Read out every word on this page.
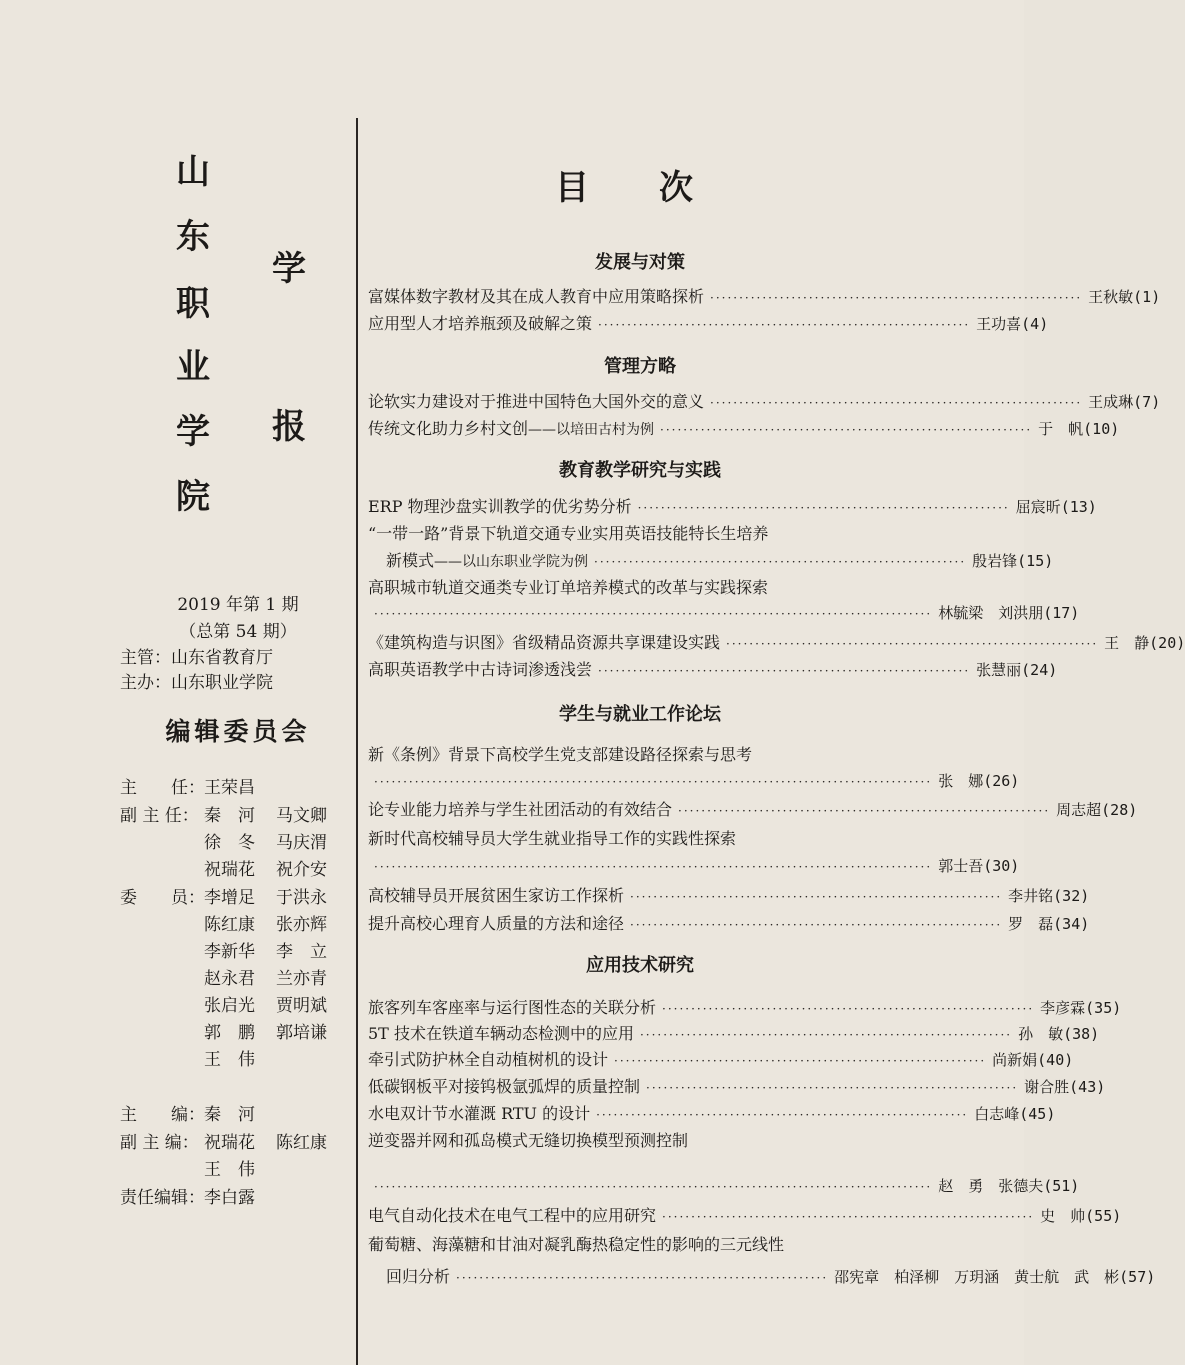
山
东
职
业
学
院
学
报
2019 年第 1 期
（总第 54 期）
主管：山东省教育厅
主办：山东职业学院
编辑委员会
主　　任： 王荣昌
副 主 任： 秦　河 马文卿
徐　冬 马庆渭
祝瑞花 祝介安
委　　员： 李增足 于洪永
陈红康 张亦辉
李新华 李　立
赵永君 兰亦青
张启光 贾明斌
郭　鹏 郭培谦
王　伟
主　　编： 秦　河
副 主 编： 祝瑞花 陈红康
王　伟
责任编辑： 李白露
目次
发展与对策
管理方略
教育教学研究与实践
学生与就业工作论坛
应用技术研究
富媒体数字教材及其在成人教育中应用策略探析 ································································ 王秋敏(1)
应用型人才培养瓶颈及破解之策 ································································ 王功喜(4)
论软实力建设对于推进中国特色大国外交的意义 ································································ 王成琳(7)
传统文化助力乡村文创 ——以培田古村为例 ································································ 于　帆(10)
ERP 物理沙盘实训教学的优劣势分析 ································································ 屈宸昕(13)
“一带一路”背景下轨道交通专业实用英语技能特长生培养
新模式 ——以山东职业学院为例 ································································ 殷岩锋(15)
高职城市轨道交通类专业订单培养模式的改革与实践探索
································································································ 林毓梁　刘洪朋(17)
《建筑构造与识图》省级精品资源共享课建设实践 ································································ 王　静(20)
高职英语教学中古诗词渗透浅尝 ································································ 张慧丽(24)
新《条例》背景下高校学生党支部建设路径探索与思考
································································································ 张　娜(26)
论专业能力培养与学生社团活动的有效结合 ································································ 周志超(28)
新时代高校辅导员大学生就业指导工作的实践性探索
································································································ 郭士吾(30)
高校辅导员开展贫困生家访工作探析 ································································ 李井铭(32)
提升高校心理育人质量的方法和途径 ································································ 罗　磊(34)
旅客列车客座率与运行图性态的关联分析 ································································ 李彦霖(35)
5T 技术在铁道车辆动态检测中的应用 ································································ 孙　敏(38)
牵引式防护林全自动植树机的设计 ································································ 尚新娟(40)
低碳钢板平对接钨极氩弧焊的质量控制 ································································ 谢合胜(43)
水电双计节水灌溉 RTU 的设计 ································································ 白志峰(45)
逆变器并网和孤岛模式无缝切换模型预测控制
································································································ 赵　勇　张德夫(51)
电气自动化技术在电气工程中的应用研究 ································································ 史　帅(55)
葡萄糖、海藻糖和甘油对凝乳酶热稳定性的影响的三元线性
回归分析 ································································ 邵宪章　柏泽柳　万玥涵　黄士航　武　彬(57)
